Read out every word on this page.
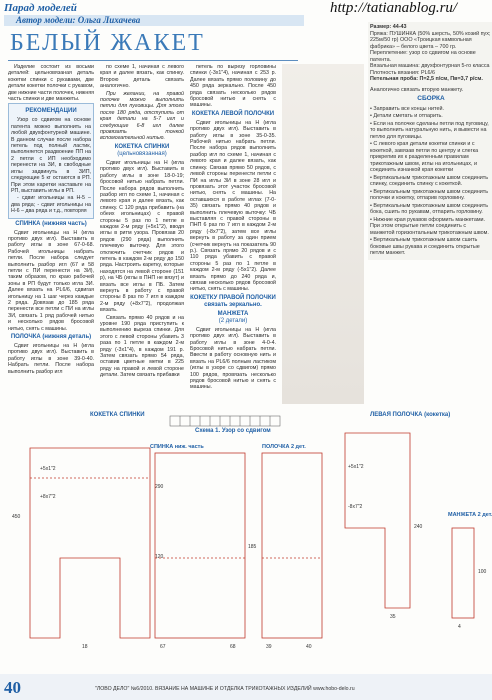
Парад моделей
Автор модели: Ольга Лихачева
http://tatianablog.ru/
БЕЛЫЙ ЖАКЕТ

Изделие состоит из восьми деталей: цельновязаная деталь кокетки спинки с рукавами, две детали кокетки полочки с рукавом, две нижние части полочек, нижняя часть спинки и две манжеты.

РЕКОМЕНДАЦИИ

Узор со сдвигом на основе патента можно выполнить на любой двухфонтурной машине. В данном случае после набора петель под полный ластик, выполняется раздвоение ПП на 2 петли с ИП необходимо перенести на ЗИ, в свободные иглы задвинуть в ЗИП, следующие 5 кг остаются в РП. При этом каретки наставьте на РП, выставить иглы в РП.

- сдвиг игольницы на Н-5 – два ряда; - сдвиг игольницы на Н-6 – два ряда и т.д., повторяя

СПИНКА (нижняя часть)

Сдвиг игольницы на Н (игла противо двух игл). Выставить в работу иглы в зоне 67-0-68. Рабочей игольницы набрать петли. После набора следует выполнить разбор игл (67 и 58 петли с ПИ перенести на ЗИ), таким образом, по краю рабочей зоны в РП будут только игла ЗИ. Далее вязать на PL6/6, сдвигая игольницу на 1 шаг через каждые 2 ряда. Довязав до 185 ряда перенести все петли с ПИ на иглы ЗИ, связать 1 ряд рабочей нитью и несколько рядов бросовой нитью, снять с машины.

ПОЛОЧКА (нижняя деталь)

Сдвиг игольницы на Н (игла противо двух игл). Выставить в работу иглы в зоне 39-0-40. Набрать петли. После набора выполнить разбор игл

по схеме 1, начиная с левого края и далее вязать, как спинку. Второю деталь связать аналогично.

При желании, на правой полочке можно выполнить петли для пуговицы. Для этого после 180 ряда, отступить от края детали на 5-7 игл и следующие 6-8 игл далее провязать тонкой вспомогательной нитью.

КОКЕТКА СПИНКИ
(цельновязанная)

Сдвиг игольницы на Н (игла противо двух игл). Выставить в работу иглы в зоне 18-0-19; бросовой нитью набрать петли. После набора рядов выполнить разбор игл по схеме 1, начиная с левого края и далее вязать, как спинку. С 120 ряда прибавить (на обеих игольницах) с правой стороны 5 раз по 1 петле в каждом 2-м ряду (+5х1"2), вводя иглы в ритм узора. Провязав 20 рядов (290 ряда) выполнить плечевую выточку. Для этого отключить счетчик рядов и петель в каждом 2-м ряду до 150 ряда. Настроить каретку, которые находятся на левой стороне (151 р), на ЧБ (иглы в ПНП не вязут) и вязать все иглы в ПБ. Затем вернуть в работу с правой стороны 8 раз по 7 игл в каждом 2-м ряду (+8х7"2), продолжая вязать.

Связать прямо 40 рядов и на уровне 190 ряда приступить к выполнению выреза спинки. Для этого с левой стороны убавить 3 раза по 1 петле в каждом 2-м ряду (-3х1"4), в каждом 191 р. Затем связать прямо 54 ряда, оставив цветные метки в 225 ряду на правой и левой стороне детали. Затем связать прибавки

петель по вырезу горловины спинки (-3х1"4), начиная с 253 р. Далее вязать прямо половину до 450 ряда зеркально. После 450 ряда связать несколько рядов бросовой нитью и снять с машины.

КОКЕТКА ЛЕВОЙ ПОЛОЧКИ

Сдвиг игольницы на Н (игла противо двух игл). Выставить в работу иглы в зоне 35-0-35. Рабочей нитью набрать петли. После набора рядов выполнить разбор игл по схеме 1, начиная с левого края и далее вязать, как спинку. Связав прямо 50 рядов, с левой стороны перенести петли с ПИ на иглы ЗИ в зоне 28 игл и провязать этот участок бросовой нитью, снять с машины. На оставшихся в работе иглах (7-0-35) связать прямо 40 рядов и выполнить плечевую выточку: ЧБ выставляя с правой стороны в ПНП 6 раз по 7 игл в каждом 2-м ряду (-8х7"2), затем все иглы вернуть в работу за один прием (счетчик вернуть на показатель 90 р.). Связать прямо 20 рядов и с 110 ряда убавить с правой стороны 5 раз по 1 петле в каждом 2-м ряду (-5х1"2). Далее вязать прямо до 240 ряда и, связав несколько рядов бросовой нитью, снять с машины.

КОКЕТКУ ПРАВОЙ ПОЛОЧКИ связать зеркально.
МАНЖЕТА
(2 детали)

Сдвиг игольницы на Н (игла противо двух игл). Выставить в работу иглы в зоне 4-0-4. Бросовой нитью набрать петли. Ввести в работу основную нить и вязать на PL6/6 полным ластиком (иглы в узоре со сдвигом) прямо 100 рядов, провязать несколько рядов бросовой нитью и снять с машины.

Размер: 44-43
Пряжа: ПУШИНКА (50% шерсть, 50% козий пух; 225м/50 гр) ООО «Троицкая камвольная фабрика» – белого цвета – 700 гр.
Переплетение: узор со сдвигом на основе патента.
Вязальная машина: двухфонтурная 5-го класса
Плотность вязания: PL6/6
Петельная проба: П=2,5 п/см, Пв=3,7 р/см.
Аналогично связать вторую манжету.
СБОРКА
• Заправить все концы нитей.
• Детали сметать и отпарить.
• Если на полочке сделаны петли под пуговицу, то выполнить натуральную нить, и вывести на петлю для пуговицы.
• С левого края детали кокетки спинки и с кокеткой, завязав петли по центру и слегка прикрепив их к разделенным правилам трикотажным швом, иглы на игольницах, и соединить изнанкой края кокетки
• Вертикальным трикотажным швом соединить спинку, соединить спинку с кокеткой.
• Вертикальным трикотажным швом соединить полочки и кокетку, отпарив горловину.
• Вертикальным трикотажным швом соединить бока, сшить по рукавам, отпарить горловину.
• Нижние края рукавов оформить манжетами. При этом открытые петли соединить с манжетой горизонтальным трикотажным швом.
• Вертикальным трикотажным швом сшить боковые швы рукава и соединить открытые петли манжет.
КОКЕТКА СПИНКИ	ЛЕВАЯ ПОЛОЧКА (кокетка)
Схема 1. Узор со сдвигом
+5х1"2
+8х7"2
450
290
120
18
СПИНКА ниж. часть
67	68
185
ПОЛОЧКА 2 дет.
39	40
-8х7"2
+5х1"2
35
240
МАНЖЕТА 2 дет.
4
100
40	"ЛОВО ДЕЛО" №6/2010. ВЯЗАНИЕ НА МАШИНЕ И ОТДЕЛКА ТРИКОТАЖНЫХ ИЗДЕЛИЙ www.hobo-delo.ru
